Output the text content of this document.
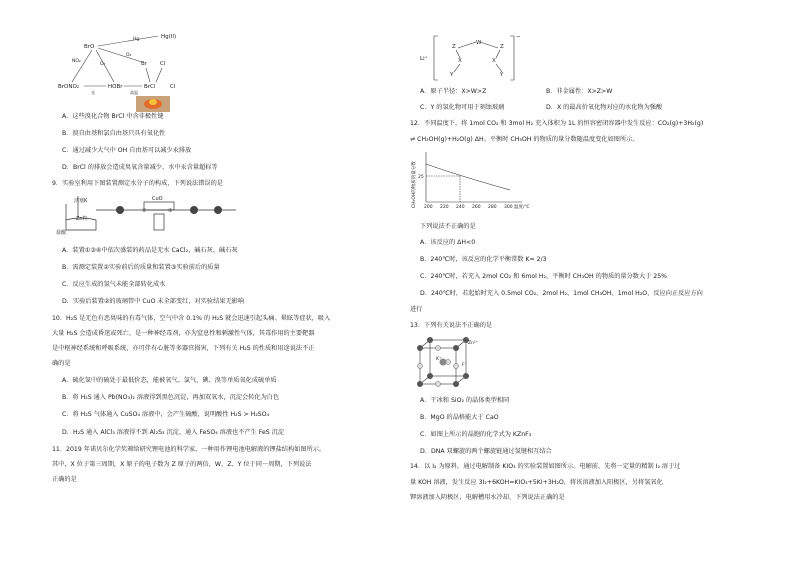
BrO
Hg	Hg(II)
O₂
NO₂
O₂	Br Cl
BrONO₂	HOBr	BrCl	Cl
光	高温
A．这些溴化合物 BrCl 中含非极性键
B．溴自由基和氯自由基只具有氧化性
C．通过减少大气中 OH 自由基可以减少汞排放
D．BrCl 的排放会造成臭氧含量减少、水中汞含量超标等
9．实验室利用下图装置测定水分子的构成，下列说法错误的是
活塞K
Zn粒
盐酸
CuO
②	③
A．装置①③④中依次盛装的药品是无水 CaCl₂、碱石灰、碱石灰
B．需测定装置②实验前后的质量和装置③实验前后的质量
C．反应生成的氢气未能全部转化成水
D．实验后装置②的玻璃管中 CuO 未全部变红，对实验结果无影响
10．H₂S 是无色有恶臭味的有毒气体，空气中含 0.1% 的 H₂S 就会迅速引起头痛、晕眩等症状，吸入
大量 H₂S 会造成昏迷或死亡，是一种神经毒剂，亦为窒息性和刺激性气体，其毒作用的主要靶器
是中枢神经系统和呼吸系统，亦可伴有心脏等多器官损害，下列有关 H₂S 的性质和用途说法不正
确的是
A．硫化氢中的硫处于最低价态，能被氧气、氯气、碘、溴等单质氧化成硫单质
B．将 H₂S 通入 Pb(NO₃)₂ 溶液得到黑色沉淀，再加双氧水，沉淀会转化为白色
C．将 H₂S 气体通入 CuSO₄ 溶液中，会产生硫酸，说明酸性 H₂S > H₂SO₄
D．H₂S 通入 AlCl₃ 溶液得不到 Al₂S₃ 沉淀，通入 FeSO₄ 溶液也不产生 FeS 沉淀
11．2019 年诺贝尔化学奖颁给研究锂电池的科学家，一种用作锂电池电解液的锂盐结构如图所示。
其中，X 位于第三周期，X 原子的电子数为 Z 原子的两倍，W、Z、Y 位于同一周期，下列说法
正确的是
Li⁺
W
Z
X
Y
Z
X
Y
−
A．原子半径：X>W>Z	B．非金属性：X>Z>W
C．Y 的氢化物可用于刻蚀玻璃	D．X 的最高价氧化物对应的水化物为强酸
12．不同温度下，将 1mol CO₂ 和 3mol H₂ 充入体积为 1L 的恒容密闭容器中发生反应：CO₂(g)+3H₂(g)
⇌ CH₃OH(g)+H₂O(g) ΔH。平衡时 CH₃OH 的物质的量分数随温度变化如图所示。
CH₃OH的物质的量分数 25
200 220 240 260 280 300 温度/℃
下列说法不正确的是
A．该反应的 ΔH<0
B．240℃时，该反应的化学平衡常数 K= 2/3
C．240℃时，若充入 2mol CO₂ 和 6mol H₂，平衡时 CH₃OH 的物质的量分数大于 25%
D．240℃时，若起始时充入 0.5mol CO₂、2mol H₂、1mol CH₃OH、1mol H₂O，反应向正反应方向
进行
13．下列有关说法不正确的是
Zn²⁺
K⁺
F⁻
A．干冰和 SiO₂ 的晶体类型相同
B．MgO 的晶格能大于 CaO
C．如图上所示的晶胞的化学式为 KZnF₃
D．DNA 双螺旋的两个螺旋链通过氢键相互结合
14．以 I₂ 为原料，通过电解制备 KIO₃ 的实验装置如图所示。电解前，先将一定量的精制 I₂ 溶于过
量 KOH 溶液，发生反应 3I₂+6KOH=KIO₃+5KI+3H₂O，将该溶液加入阳极区，另将氢氧化
钾溶液加入阴极区，电解槽用水冷却，下列说法正确的是
